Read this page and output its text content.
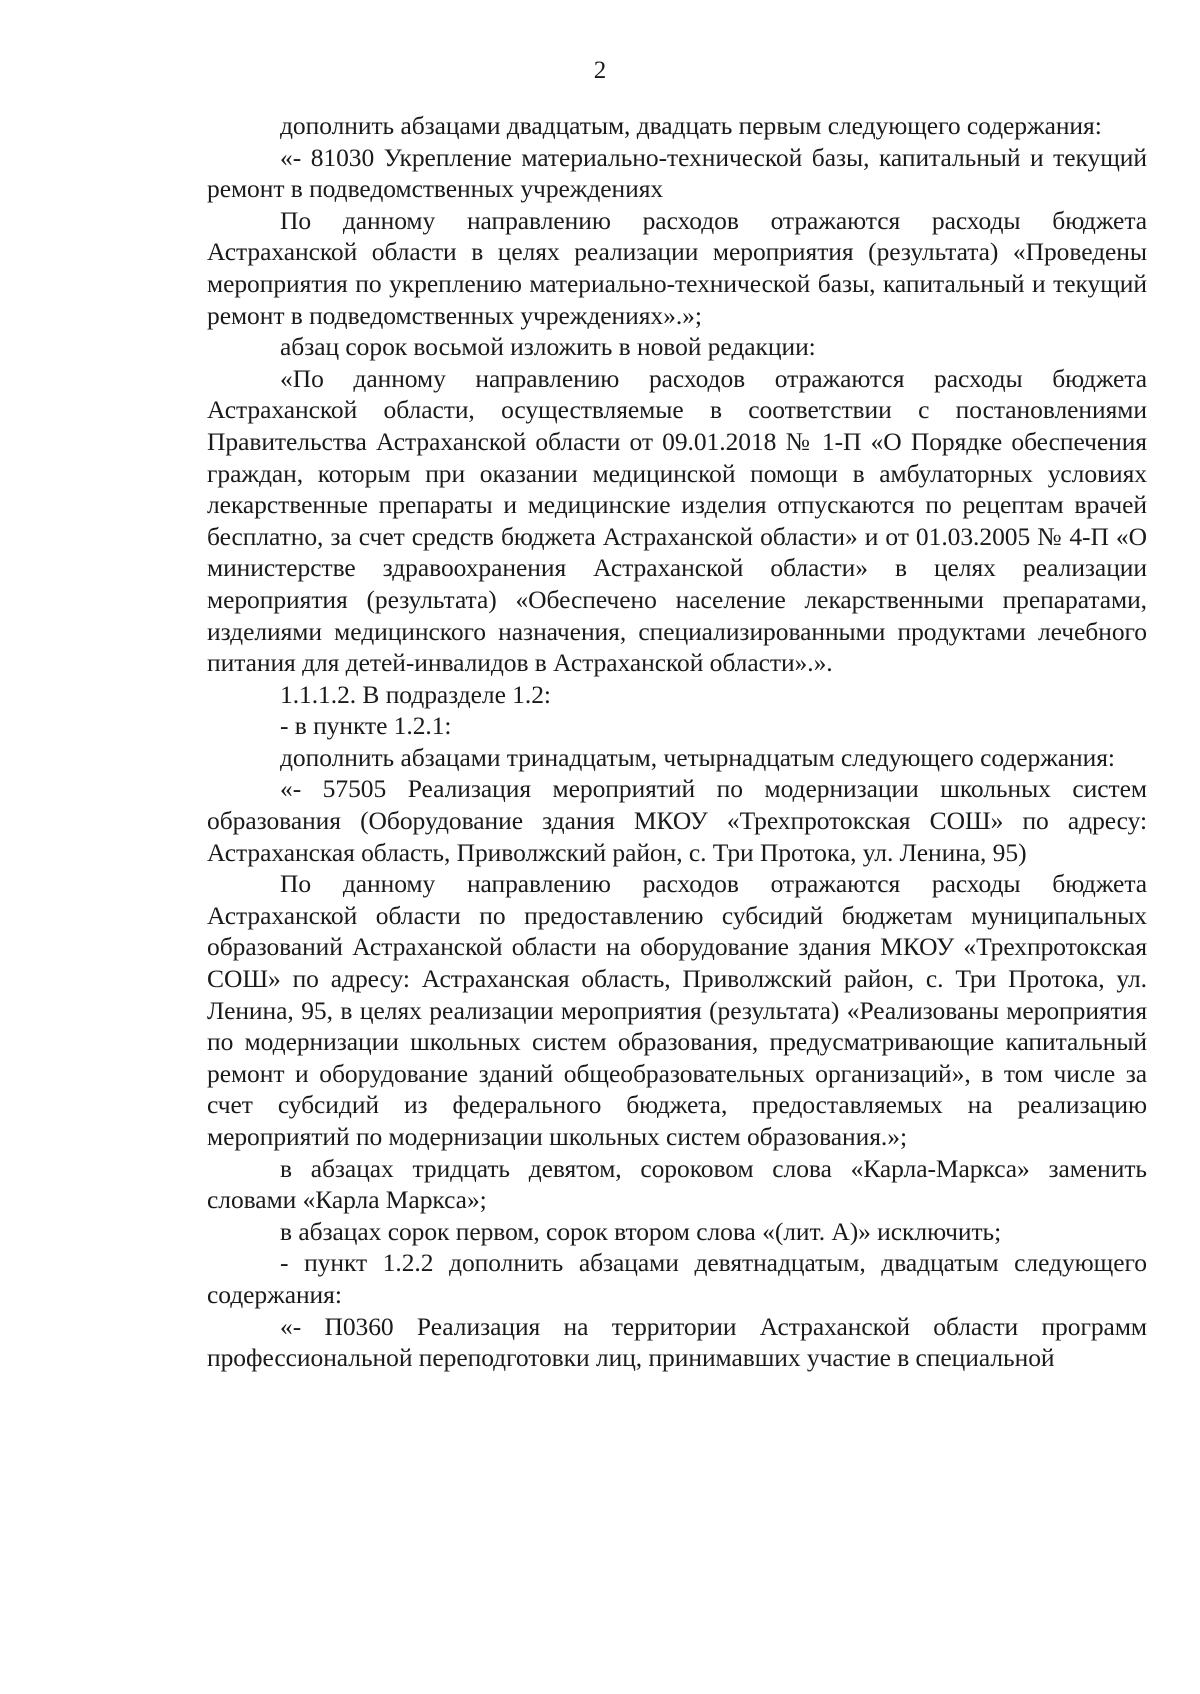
2

дополнить абзацами двадцатым, двадцать первым следующего содержания:

«- 81030 Укрепление материально-технической базы, капитальный и текущий ремонт в подведомственных учреждениях

По данному направлению расходов отражаются расходы бюджета Астраханской области в целях реализации мероприятия (результата) «Проведены мероприятия по укреплению материально-технической базы, капитальный и текущий ремонт в подведомственных учреждениях».»;

абзац сорок восьмой изложить в новой редакции:

«По данному направлению расходов отражаются расходы бюджета Астраханской области, осуществляемые в соответствии с постановлениями Правительства Астраханской области от 09.01.2018 № 1-П «О Порядке обеспечения граждан, которым при оказании медицинской помощи в амбулаторных условиях лекарственные препараты и медицинские изделия отпускаются по рецептам врачей бесплатно, за счет средств бюджета Астраханской области» и от 01.03.2005 № 4-П «О министерстве здравоохранения Астраханской области» в целях реализации мероприятия (результата) «Обеспечено население лекарственными препаратами, изделиями медицинского назначения, специализированными продуктами лечебного питания для детей-инвалидов в Астраханской области».».

1.1.1.2. В подразделе 1.2:

- в пункте 1.2.1:

дополнить абзацами тринадцатым, четырнадцатым следующего содержания:

«- 57505 Реализация мероприятий по модернизации школьных систем образования (Оборудование здания МКОУ «Трехпротокская СОШ» по адресу: Астраханская область, Приволжский район, с. Три Протока, ул. Ленина, 95)

По данному направлению расходов отражаются расходы бюджета Астраханской области по предоставлению субсидий бюджетам муниципальных образований Астраханской области на оборудование здания МКОУ «Трехпротокская СОШ» по адресу: Астраханская область, Приволжский район, с. Три Протока, ул. Ленина, 95, в целях реализации мероприятия (результата) «Реализованы мероприятия по модернизации школьных систем образования, предусматривающие капитальный ремонт и оборудование зданий общеобразовательных организаций», в том числе за счет субсидий из федерального бюджета, предоставляемых на реализацию мероприятий по модернизации школьных систем образования.»;

в абзацах тридцать девятом, сороковом слова «Карла-Маркса» заменить словами «Карла Маркса»;

в абзацах сорок первом, сорок втором слова «(лит. А)» исключить;

- пункт 1.2.2 дополнить абзацами девятнадцатым, двадцатым следующего содержания:

«- П0360 Реализация на территории Астраханской области программ профессиональной переподготовки лиц, принимавших участие в специальной
